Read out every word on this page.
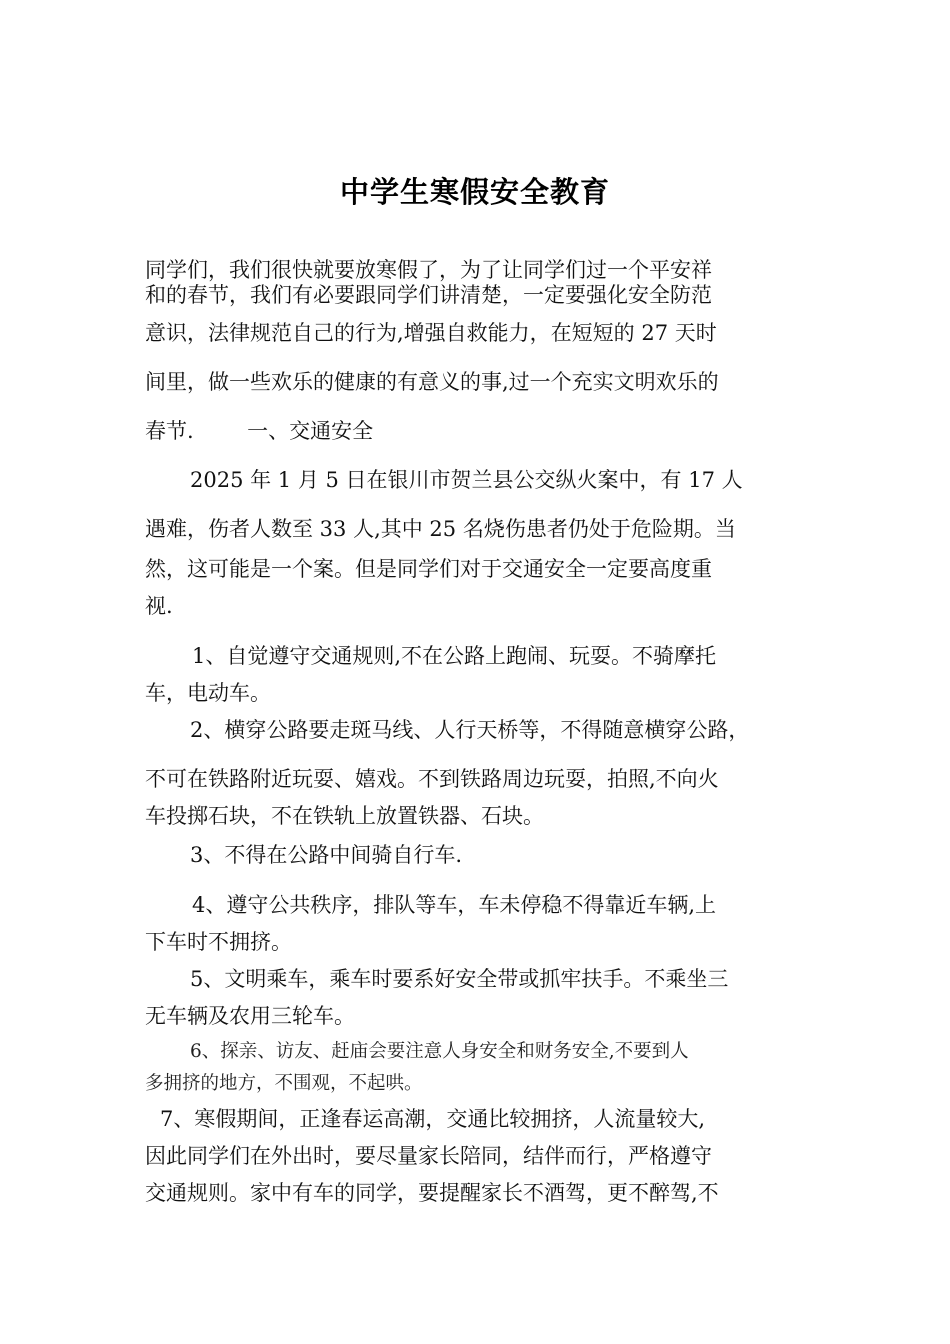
中学生寒假安全教育
同学们，我们很快就要放寒假了，为了让同学们过一个平安祥
和的春节，我们有必要跟同学们讲清楚，一定要强化安全防范
意识，法律规范自己的行为,增强自救能力，在短短的 27 天时
间里，做一些欢乐的健康的有意义的事,过一个充实文明欢乐的
春节.        一、交通安全
2025 年 1 月 5 日在银川市贺兰县公交纵火案中，有 17 人
遇难，伤者人数至 33 人,其中 25 名烧伤患者仍处于危险期。当
然，这可能是一个案。但是同学们对于交通安全一定要高度重
视.
1、自觉遵守交通规则,不在公路上跑闹、玩耍。不骑摩托
车，电动车。
2、横穿公路要走斑马线、人行天桥等，不得随意横穿公路，
不可在铁路附近玩耍、嬉戏。不到铁路周边玩耍，拍照,不向火
车投掷石块，不在铁轨上放置铁器、石块。
3、不得在公路中间骑自行车.
4、遵守公共秩序，排队等车，车未停稳不得靠近车辆,上
下车时不拥挤。
5、文明乘车，乘车时要系好安全带或抓牢扶手。不乘坐三
无车辆及农用三轮车。
6、探亲、访友、赶庙会要注意人身安全和财务安全,不要到人
多拥挤的地方，不围观，不起哄。
7、寒假期间，正逢春运高潮，交通比较拥挤，人流量较大,
因此同学们在外出时，要尽量家长陪同，结伴而行，严格遵守
交通规则。家中有车的同学，要提醒家长不酒驾，更不醉驾,不
